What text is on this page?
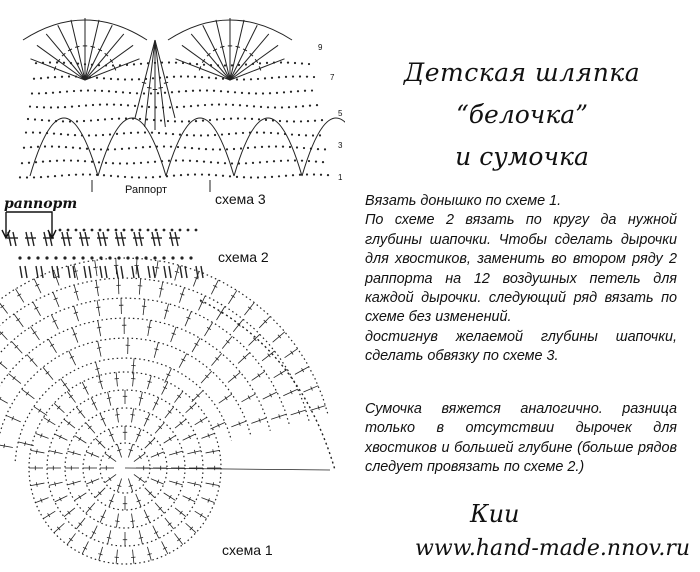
9
7
5
3
1
Раппорт
схема 3
раппорт
схема 2
схема 1
Детская шляпка
“белочка”
и сумочка
Вязать донышко по схеме 1.
По схеме 2 вязать по кругу да нужной глубины шапочки. Чтобы сделать дырочки для хвостиков, заменить во втором ряду 2 раппорта на 12 воздушных петель для каждой дырочки. следующий ряд вязать по схеме без изменений.
достигнув желаемой глубины шапочки, сделать обвязку по схеме 3.
Сумочка вяжется аналогично. разница только в отсутствии дырочек для хвостиков и большей глубине (больше рядов следует провязать по схеме 2.)
Кии
www.hand-made.nnov.ru
